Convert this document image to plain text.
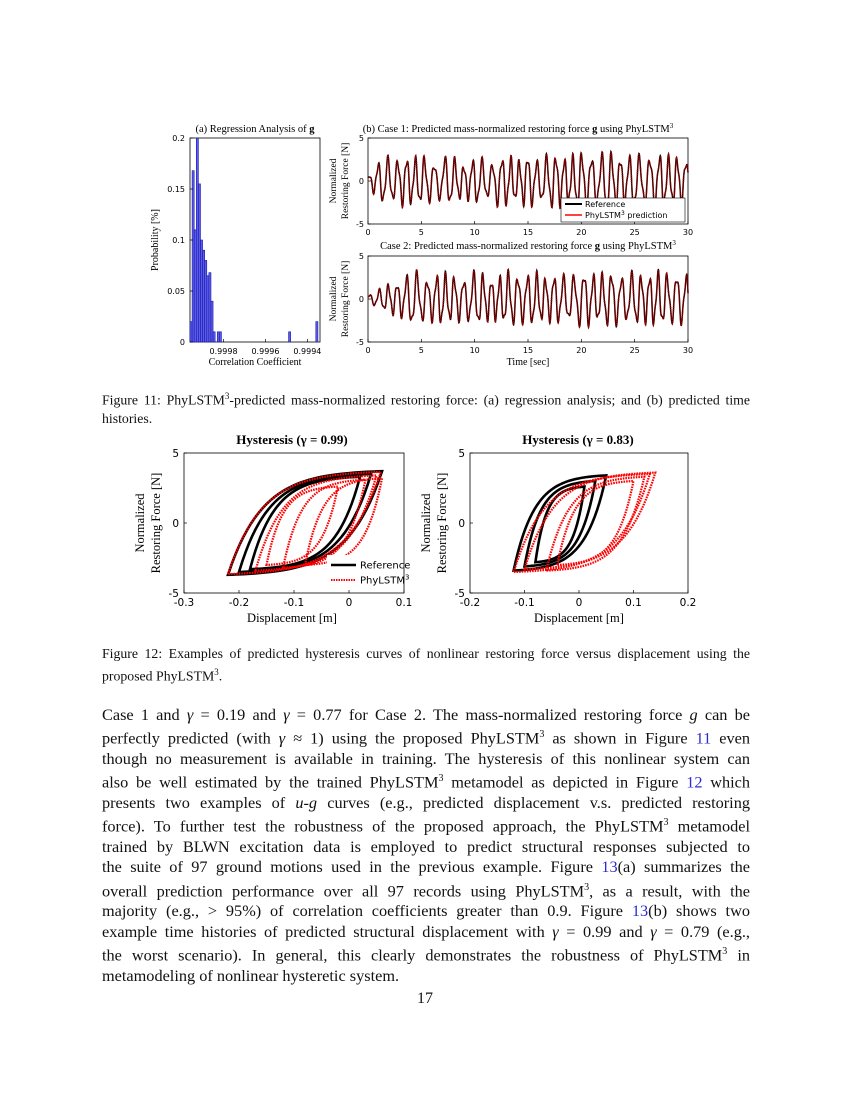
(a) Regression Analysis of g
0
0.05
0.1
0.15
0.2
0.9998 0.9996 0.9994
Correlation Coefficient
Probability [%]
(b) Case 1: Predicted mass-normalized restoring force g using PhyLSTM$^3$
-5
0
5
0	5	10	15	20	25	30
Normalized Restoring Force [N]	Reference
PhyLSTM$^3$ prediction
Case 2: Predicted mass-normalized restoring force g using PhyLSTM$^3$
-5
0
5
0	5	10	15	20	25	30
Normalized Restoring Force [N]
Time [sec]
Figure 11: PhyLSTM$^3$-predicted mass-normalized restoring force: (a) regression analysis; and (b) predicted time histories.
Hysteresis (γ = 0.99)
-5
0
5
-0.3	-0.2	-0.1	0	0.1
Displacement [m]
Normalized Restoring Force [N]	Reference
PhyLSTM$^3$
Hysteresis (γ = 0.83)
-5
0
5
-0.2	-0.1	0	0.1	0.2
Displacement [m]
Normalized Restoring Force [N]
Figure 12: Examples of predicted hysteresis curves of nonlinear restoring force versus displacement using the proposed PhyLSTM$^3$.
Case 1 and γ = 0.19 and γ = 0.77 for Case 2. The mass-normalized restoring force g can be
perfectly predicted (with γ ≈ 1) using the proposed PhyLSTM$^3$ as shown in Figure 11 even
though no measurement is available in training. The hysteresis of this nonlinear system can
also be well estimated by the trained PhyLSTM$^3$ metamodel as depicted in Figure 12 which
presents two examples of u-g curves (e.g., predicted displacement v.s. predicted restoring
force). To further test the robustness of the proposed approach, the PhyLSTM$^3$ metamodel
trained by BLWN excitation data is employed to predict structural responses subjected to
the suite of 97 ground motions used in the previous example. Figure 13(a) summarizes the
overall prediction performance over all 97 records using PhyLSTM$^3$, as a result, with the
majority (e.g., > 95%) of correlation coefficients greater than 0.9. Figure 13(b) shows two
example time histories of predicted structural displacement with γ = 0.99 and γ = 0.79 (e.g.,
the worst scenario). In general, this clearly demonstrates the robustness of PhyLSTM$^3$ in
metamodeling of nonlinear hysteretic system.
17
